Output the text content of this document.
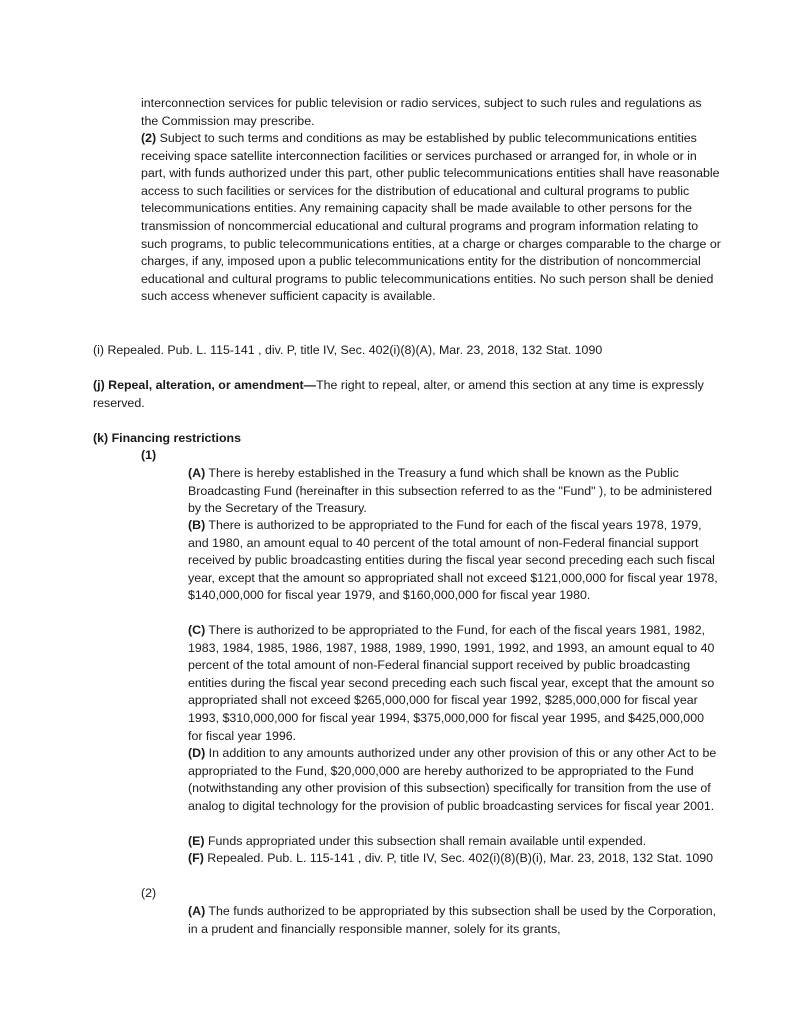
interconnection services for public television or radio services, subject to such rules and regulations as the Commission may prescribe.

(2) Subject to such terms and conditions as may be established by public telecommunications entities receiving space satellite interconnection facilities or services purchased or arranged for, in whole or in part, with funds authorized under this part, other public telecommunications entities shall have reasonable access to such facilities or services for the distribution of educational and cultural programs to public telecommunications entities. Any remaining capacity shall be made available to other persons for the transmission of noncommercial educational and cultural programs and program information relating to such programs, to public telecommunications entities, at a charge or charges comparable to the charge or charges, if any, imposed upon a public telecommunications entity for the distribution of noncommercial educational and cultural programs to public telecommunications entities. No such person shall be denied such access whenever sufficient capacity is available.

(i) Repealed. Pub. L. 115-141 , div. P, title IV, Sec. 402(i)(8)(A), Mar. 23, 2018, 132 Stat. 1090

(j) Repeal, alteration, or amendment—The right to repeal, alter, or amend this section at any time is expressly reserved.

(k) Financing restrictions

(1)

(A) There is hereby established in the Treasury a fund which shall be known as the Public Broadcasting Fund (hereinafter in this subsection referred to as the "Fund" ), to be administered by the Secretary of the Treasury.

(B) There is authorized to be appropriated to the Fund for each of the fiscal years 1978, 1979, and 1980, an amount equal to 40 percent of the total amount of non-Federal financial support received by public broadcasting entities during the fiscal year second preceding each such fiscal year, except that the amount so appropriated shall not exceed $121,000,000 for fiscal year 1978, $140,000,000 for fiscal year 1979, and $160,000,000 for fiscal year 1980.

(C) There is authorized to be appropriated to the Fund, for each of the fiscal years 1981, 1982, 1983, 1984, 1985, 1986, 1987, 1988, 1989, 1990, 1991, 1992, and 1993, an amount equal to 40 percent of the total amount of non-Federal financial support received by public broadcasting entities during the fiscal year second preceding each such fiscal year, except that the amount so appropriated shall not exceed $265,000,000 for fiscal year 1992, $285,000,000 for fiscal year 1993, $310,000,000 for fiscal year 1994, $375,000,000 for fiscal year 1995, and $425,000,000 for fiscal year 1996.

(D) In addition to any amounts authorized under any other provision of this or any other Act to be appropriated to the Fund, $20,000,000 are hereby authorized to be appropriated to the Fund (notwithstanding any other provision of this subsection) specifically for transition from the use of analog to digital technology for the provision of public broadcasting services for fiscal year 2001.

(E) Funds appropriated under this subsection shall remain available until expended.

(F) Repealed. Pub. L. 115-141 , div. P, title IV, Sec. 402(i)(8)(B)(i), Mar. 23, 2018, 132 Stat. 1090

(2)

(A) The funds authorized to be appropriated by this subsection shall be used by the Corporation, in a prudent and financially responsible manner, solely for its grants,
